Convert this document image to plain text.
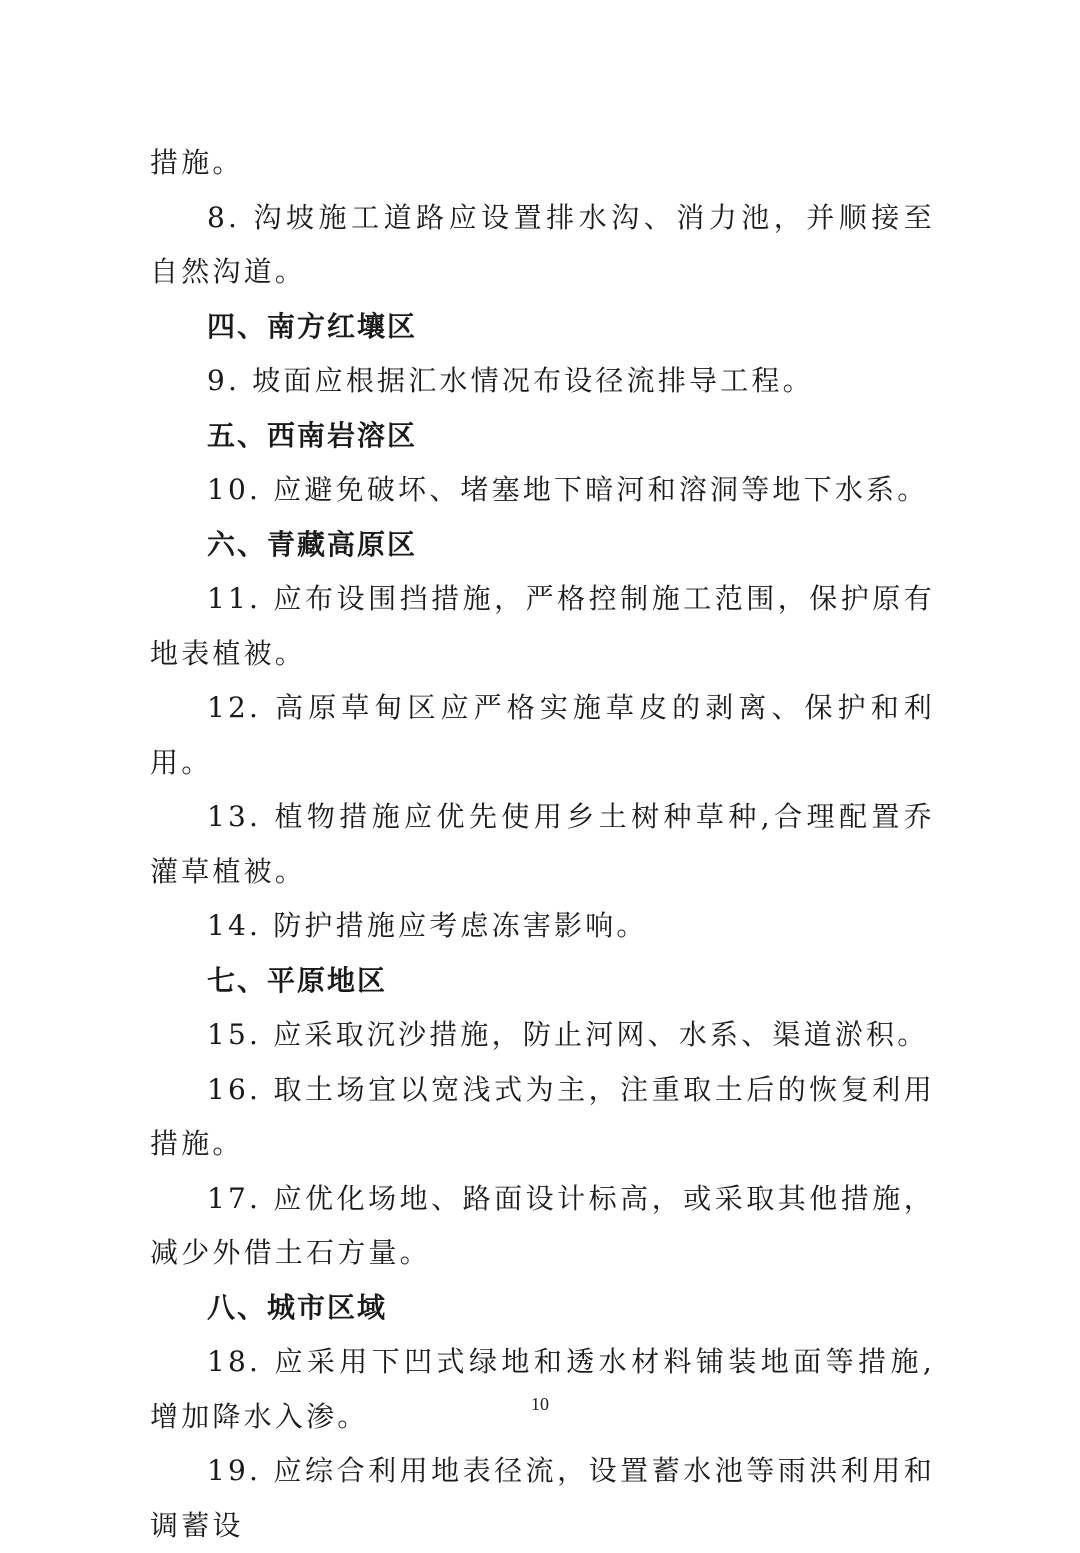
措施。

8. 沟坡施工道路应设置排水沟、消力池，并顺接至自然沟道。

四、南方红壤区

9. 坡面应根据汇水情况布设径流排导工程。

五、西南岩溶区

10. 应避免破坏、堵塞地下暗河和溶洞等地下水系。

六、青藏高原区

11. 应布设围挡措施，严格控制施工范围，保护原有地表植被。

12. 高原草甸区应严格实施草皮的剥离、保护和利用。

13. 植物措施应优先使用乡土树种草种,合理配置乔灌草植被。

14. 防护措施应考虑冻害影响。

七、平原地区

15. 应采取沉沙措施，防止河网、水系、渠道淤积。

16. 取土场宜以宽浅式为主，注重取土后的恢复利用措施。

17. 应优化场地、路面设计标高，或采取其他措施，减少外借土石方量。

八、城市区域

18. 应采用下凹式绿地和透水材料铺装地面等措施,增加降水入渗。

19. 应综合利用地表径流，设置蓄水池等雨洪利用和调蓄设

10
